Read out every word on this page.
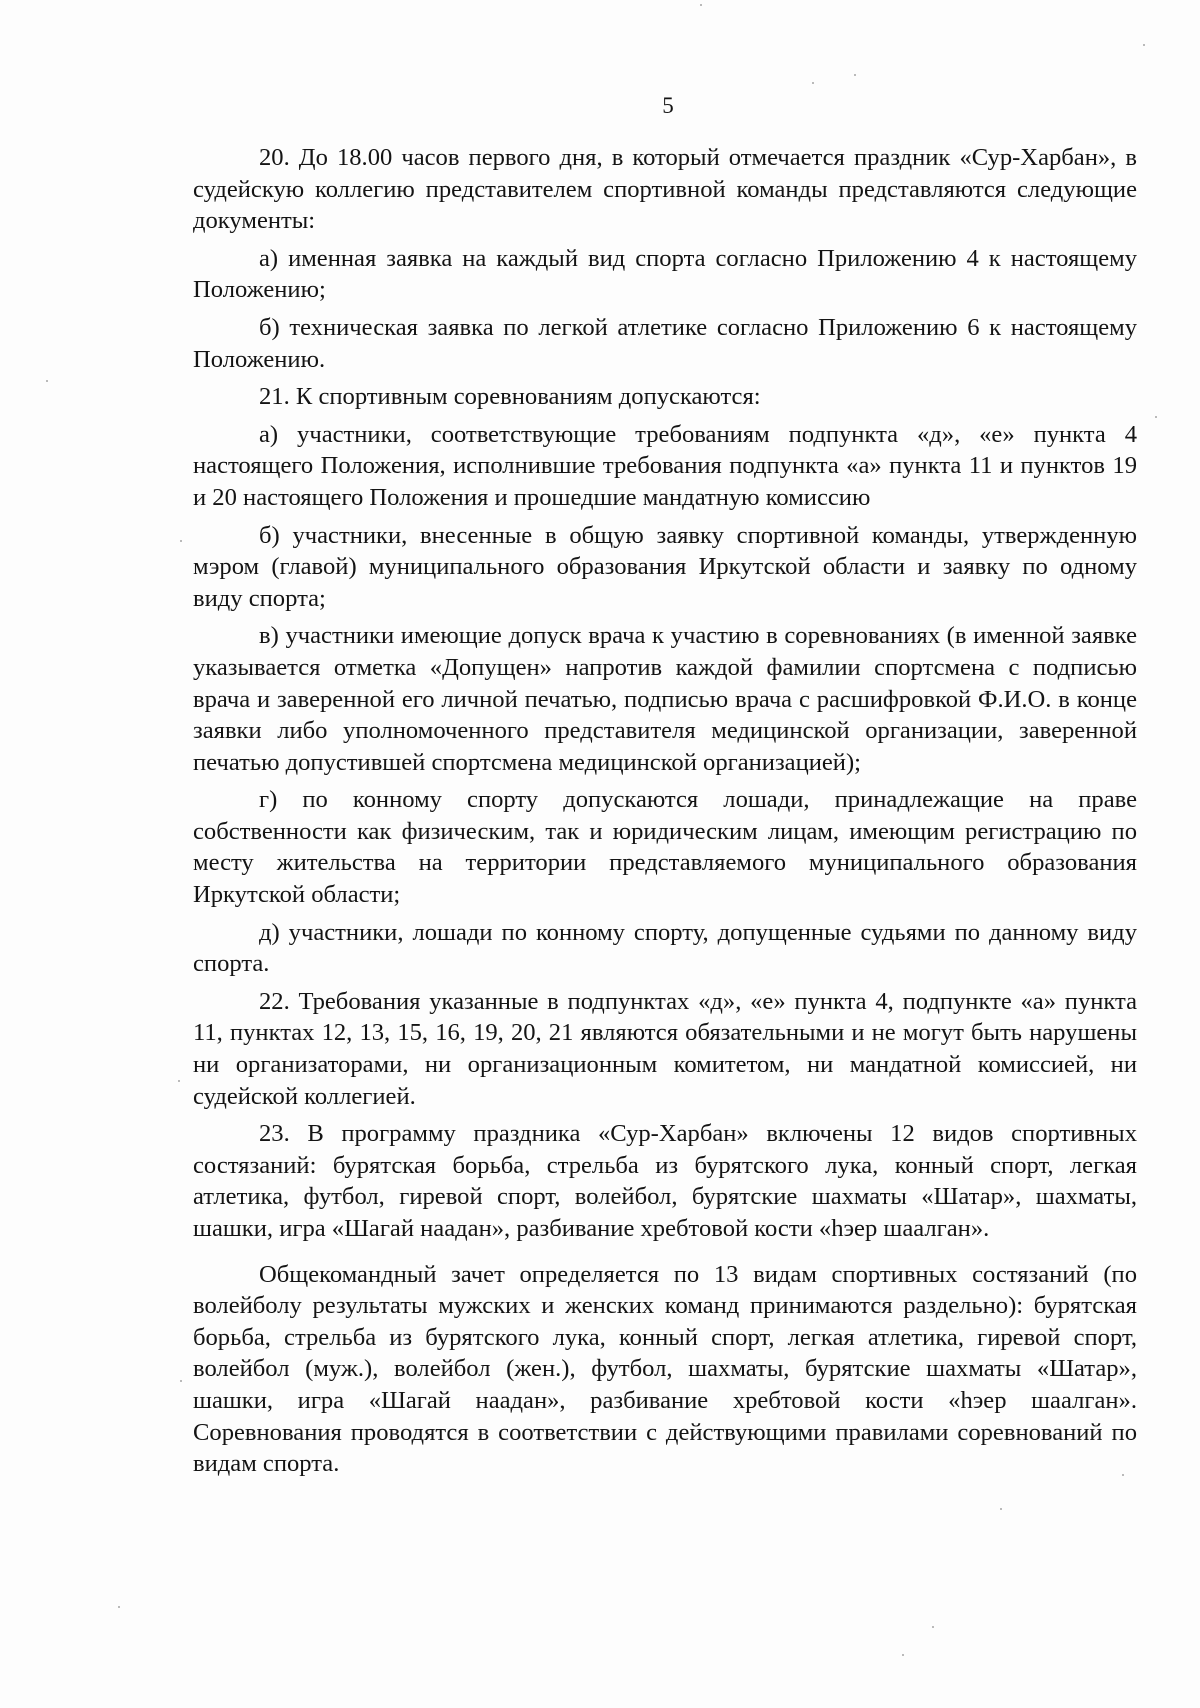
5

20. До 18.00 часов первого дня, в который отмечается праздник «Сур-Харбан», в судейскую коллегию представителем спортивной команды представляются следующие документы:

а) именная заявка на каждый вид спорта согласно Приложению 4 к настоящему Положению;

б) техническая заявка по легкой атлетике согласно Приложению 6 к настоящему Положению.

21. К спортивным соревнованиям допускаются:

а) участники, соответствующие требованиям подпункта «д», «е» пункта 4 настоящего Положения, исполнившие требования подпункта «а» пункта 11 и пунктов 19 и 20 настоящего Положения и прошедшие мандатную комиссию

б) участники, внесенные в общую заявку спортивной команды, утвержденную мэром (главой) муниципального образования Иркутской области и заявку по одному виду спорта;

в) участники имеющие допуск врача к участию в соревнованиях (в именной заявке указывается отметка «Допущен» напротив каждой фамилии спортсмена с подписью врача и заверенной его личной печатью, подписью врача с расшифровкой Ф.И.О. в конце заявки либо уполномоченного представителя медицинской организации, заверенной печатью допустившей спортсмена медицинской организацией);

г) по конному спорту допускаются лошади, принадлежащие на праве собственности как физическим, так и юридическим лицам, имеющим регистрацию по месту жительства на территории представляемого муниципального образования Иркутской области;

д) участники, лошади по конному спорту, допущенные судьями по данному виду спорта.

22. Требования указанные в подпунктах «д», «е» пункта 4, подпункте «а» пункта 11, пунктах 12, 13, 15, 16, 19, 20, 21 являются обязательными и не могут быть нарушены ни организаторами, ни организационным комитетом, ни мандатной комиссией, ни судейской коллегией.

23. В программу праздника «Сур-Харбан» включены 12 видов спортивных состязаний: бурятская борьба, стрельба из бурятского лука, конный спорт, легкая атлетика, футбол, гиревой спорт, волейбол, бурятские шахматы «Шатар», шахматы, шашки, игра «Шагай наадан», разбивание хребтовой кости «hэер шаалган».

Общекомандный зачет определяется по 13 видам спортивных состязаний (по волейболу результаты мужских и женских команд принимаются раздельно): бурятская борьба, стрельба из бурятского лука, конный спорт, легкая атлетика, гиревой спорт, волейбол (муж.), волейбол (жен.), футбол, шахматы, бурятские шахматы «Шатар», шашки, игра «Шагай наадан», разбивание хребтовой кости «hэер шаалган». Соревнования проводятся в соответствии с действующими правилами соревнований по видам спорта.
